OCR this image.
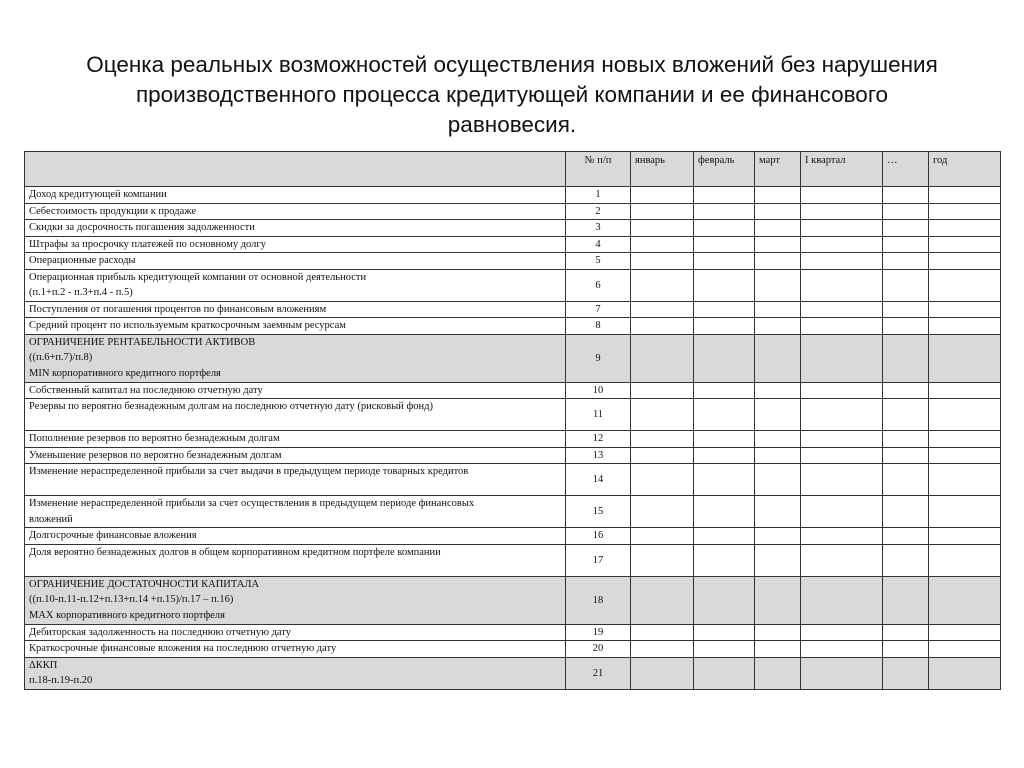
Оценка реальных возможностей осуществления новых вложений без нарушения
производственного процесса кредитующей компании и ее финансового
равновесия.
	№ п/п	январь	февраль	март	I квартал	…	год

Доход кредитующей компании	1						

Себестоимость продукции к продаже	2						

Скидки за досрочность погашения задолженности	3						

Штрафы за просрочку платежей по основному долгу	4						

Операционные расходы	5						

Операционная прибыль кредитующей компании от основной деятельности
(п.1+п.2 - п.3+п.4 - п.5)	6						

Поступления от погашения процентов по финансовым вложениям	7						

Средний процент по используемым краткосрочным заемным ресурсам	8						

ОГРАНИЧЕНИЕ РЕНТАБЕЛЬНОСТИ АКТИВОВ
((п.6+п.7)/п.8)
MIN корпоративного кредитного портфеля	9						

Собственный капитал на последнюю отчетную дату	10						

Резервы по вероятно безнадежным долгам на последнюю отчетную дату (рисковый фонд)	11						

Пополнение резервов по вероятно безнадежным долгам	12						

Уменьшение резервов по вероятно безнадежным долгам	13						

Изменение нераспределенной прибыли за счет выдачи в предыдущем периоде товарных кредитов	14						

Изменение нераспределенной прибыли за счет осуществления в предыдущем периоде финансовых
вложений	15						

Долгосрочные финансовые вложения	16						

Доля вероятно безнадежных долгов в общем корпоративном кредитном портфеле компании	17						

ОГРАНИЧЕНИЕ ДОСТАТОЧНОСТИ КАПИТАЛА
((п.10-п.11-п.12+п.13+п.14 +п.15)/п.17 – п.16)
MAX корпоративного кредитного портфеля	18						

Дебиторская задолженность на последнюю отчетную дату	19						

Краткосрочные финансовые вложения на последнюю отчетную дату	20						

ΔККП
п.18-п.19-п.20	21						
